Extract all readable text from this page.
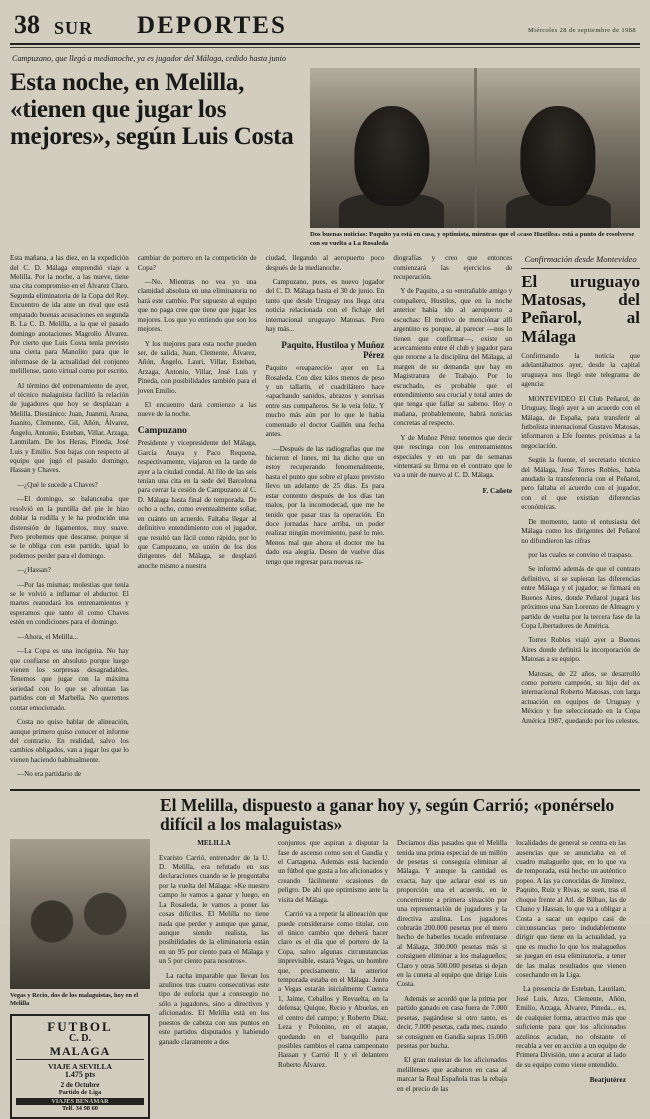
38 SUR DEPORTES	Miércoles 28 de septiembre de 1988
Campuzano, que llegó a medianoche, ya es jugador del Málaga, cedido hasta junio
Esta noche, en Melilla, «tienen que jugar los mejores», según Luis Costa
Dos buenas noticias: Paquito ya está en casa, y optimista, mientras que el «caso Hustilea» está a punto de resolverse con su vuelta a La Rosaleda

Esta mañana, a las diez, en la expedición del C. D. Málaga emprendió viaje a Melilla. Por la noche, a las nueve, tiene una cita compromiso en el Álvarez Claro. Segunda eliminatoria de la Copa del Rey. Encuentro de ida ante un rival que está empatado buenas acusaciones en segunda B. La C. D. Melilla, a la que el pasado domingo anotaciones Magrollo Álvarez. Por cierto que Luis Costa tenía previsto una cierta para Manolito para que le informase de la actualidad del conjunto melillense, tanto virtual como por escrito.

Al término del entrenamiento de ayer, el técnico malaguista facilitó la relación de jugadores que hoy se desplazan a Melilla. Diestánico: Juan, Juanmi, Arana, Juanito, Clemente, Gil, Añón, Álvarez, Ángelo, Antonio, Esteban, Villar, Arzaga, Lanmilam. De los Heras, Pineda, José Luis y Emilio. Son bajas con respecto al equipo que jugó el pasado domingo, Hassan y Chaves.

—¿Qué le sucede a Chaves?

—El domingo, se balanceaba que resolvió en la puntilla del pie le hizo doblar la rodilla y le ha producido una distensión de ligamentos, muy suave. Pero probemos que descanse, porque si se le obliga con este partido, igual lo podemos perder para el domingo.

—¿Hassan?

—Por las mismas; molestias que tenía se le volvió a inflamar el abductor. El martes reanudará los entrenamientos y esperamos que tanto él como Chaves estén en condiciones para el domingo.

—Ahora, el Melilla...

—La Copa es una incógnita. No hay que confiarse en absoluto porque luego vienen los sorpresas desagradables. Tenemos que jugar con la máxima seriedad con lo que se afrontan las partidos con el Marbella. No queremos contar emocionado.

Costa no quiso hablar de alineación, aunque primero quiso conocer el informe del contrario. En realidad, salvo los cambios obligados, van a jugar los que lo vienen haciendo habitualmente.

—No era partidario de

cambiar de portero en la competición de Copa?

—No. Mientras no vea yo una clamidad absoluta en una eliminatoria no hará este cambio. Por supuesto al equipo que no paga cree que tiene que jugar los mejores. Los que yo entiendo que son los mejores.

Y los mejores para esta noche pueden ser, de salida, Juan, Clemente, Álvarez, Añón, Ángelo, Lauri, Villar, Esteban, Arzaga, Antonio, Villar, José Luis y Pineda, con posibilidades también para el joven Emilio.

El encuentro dará comienzo a las nueve de la noche.

Campuzano

Presidente y vicepresidente del Málaga, García Anaya y Paco Requena, respectivamente, viajaron en la tarde de ayer a la ciudad condal. Al filo de las seis tenían una cita en la sede del Barcelona para cerrar la cesión de Campuzano al C. D. Málaga hasta final de temporada. De ocho a ocho, como eventualmente soñar, en cuánto un acuerdo. Faltaba llegar al definitivo entendimiento con el jugador, que resultó tan fácil como rápido, por lo que Campuzano, en unión de los dos dirigentes del Málaga, se desplazó anoche mismo a nuestra

ciudad, llegando al aeropuerto poco después de la medianoche.

Campuzano, pues, es nuevo jugador del C. D. Málaga hasta el 30 de junio. En tanto que desde Uruguay nos llega otra noticia relacionada con el fichaje del internacional uruguayo Matosas. Pero hay más...

Paquito, Hustiloa y Muñoz Pérez

Paquito «reapareció» ayer en La Rosaleda. Con diez kilos menos de peso y un tallarín, el cuadrilátero hace «apachando sanidos, abrazos y sonrisas entre sus compañeros. Se le veía feliz. Y mucho más aún por lo que le había comentado el doctor Gaillén una fecha antes.

—Después de las radiografías que me hicieron el lunes, mi ha dicho que un estoy recuperando fenomenalmente, hasta el punto que sobre el plazo previsto llevo un adelanto de 25 días. Es para estar contento después de los días tan malos, por la incomodecad, que me he tenido que pasar tras la operación. En doce jornadas hace arriba, un poder realizar ningún movimiento, pasé lo mío. Menos mal que ahora el doctor me ha dado esa alegría. Deseo de vuelve días tengo que regresar para nuevas ra-

diografías y creo que entonces comienzará las ejercicios de recuperación.

Y de Paquito, a su «entrañable amigo y compañero, Hustilos, que en la noche anterior había ido al aeropuerto a escuchas: El motivo de menciónar allí argentino es porque, al parecer —nos lo tienen que confirmar—, existe un acercamiento entre él club y jugador para que retorne a la disciplina del Málaga, al margen de su demanda que hay en Magistratura de Trabajo. Por lo escuchado, es probable que el entendimiento sea crucial y total antes de que tenga que fallar su sabeno. Hoy o mañana, probablemente, habrá noticias concretas al respecto.

Y de Muñoz Pérez tenemos que decir que rescinga con los entrenamientos especiales y en un par de semanas «intentará su firma en el contrato que le va a unir de nuevo al C. D. Málaga.

F. Cañete
Confirmación desde Montevideo
El uruguayo Matosas, del Peñarol, al Málaga

Confirmando la noticia que adelantábamos ayer, desde la capital uruguaya nos llegó este telegrama de agencia:

MONTEVIDEO El Club Peñarol, de Uruguay, llegó ayer a un acuerdo con el Málaga, de España, para transferir al futbolista internacional Gustavo Matosas, informaron a Efe fuentes próximas a la negociación.

Según la fuente, el secretario técnico del Málaga, José Torres Robles, había anudado la transferencia con el Peñarol, pero faltaba el acuerdo con el jugador, con el que existían diferencias económicas.

De momento, tanto el entusiasta del Málaga como los dirigentes del Peñarol no difundieron las cifras

por las cuales se convino el traspaso.

Se informó además de que el contrato definitivo, si se supieran las diferencias entre Málaga y el jugador, se firmará en Buenos Aires, donde Peñarol jugará los próximos una San Lorenzo de Almagro y partido de vuelta por la tercera fase de la Copa Libertadores de América.

Torres Robles viajó ayer a Buenos Aires donde definirá la incorporación de Matosas a su equipo.

Matosas, de 22 años, se desarrolló como portero campeón, su hijo del ex internacional Roberto Matosas, con larga actuación en equipos de Uruguay y México y fue seleccionado en la Copa América 1987, quedando por los celestes.

El Melilla, dispuesto a ganar hoy y, según Carrió; «ponérselo difícil a los malaguistas»
Vegas y Recio, dos de los malaguistas, hoy en el Melilla
FUTBOL
C. D.
MALAGA
VIAJE A SEVILLA
1.475 pts
2 de Octubre
Partido de Liga
VIAJES BENAMAR
Telf. 34 98 60

MELILLA

Evaristo Carrió, entrenador de la U. D. Melilla, era refutado en sus declaraciones cuando se le preguntaba por la vuelta del Málaga: «Ke nuestro campo lo vamos a ganar y luego, en La Rosaleda, le vamos a poner las cosas difíciles. El Melilla no tiene nada que perder y aunque que ganar, aunque siendo realista, las posibilidades de la eliminatoria están en un 95 por ciento para el Málaga y un 5 por ciento para nosotros».

La racha imparable que llevan los azulinos tras cuatro consecutivas este tipo de euforia que a consuegio no sólo a jugadores, sino a directivos y aficionados. El Melilla está en los puestos de cabeza con sus puntos en este partidos disputados y habiendo ganado claramente a dos

conjuntos que aspiran a disputar la fase de ascenso como son el Gandía y el Cartagena. Además está haciendo un fútbol que gusta a los aficionados y creando fácilmente ocasiones de peligro. De ahí que optimismo ante la visita del Málaga.

Carrió va a repetir la alineación que puede considerarse como titular, con el único cambio que deberá hacer claro es el día que el portero de la Copa, salvo algunas circunstancias imprevisible, estará Vegas, un hombre que, precisamente, la anterior temporada estaba en el Málaga. Junto a Vegas estarán inicialmente Cuenca 1, Jaime, Ceballos y Revuelta, en la defensa; Quique, Recio y Abuelas, en el centro del campo; y Roberto Díaz, Leza y Polonino, en el ataque, quedando en el banquillo para posibles cambios el cama campeonato Hassan y Carrió II y el delantero Roberto Álvarez.

Decíamos días pasados que el Melilla tenida una prima especial de un millón de pesetas si conseguía eliminar al Málaga. Y aunque la cantidad es exacta, hay que aclarar esté es un proporción una el acuerdo, en le concerniente a primera situación por una representación de jugadores y la directiva azulina. Los jugadores cobrarán 200.000 pesetas por el mero hecho de haberles tocado enfrentarse al Málaga, 300.000 pesetas más si consiguen eliminar a los malagueños; Claro y otras 500.000 pesetas si dejan en la cuneta al equipo que dirige Luis Costa.

Además se acordó que la prima por partido ganado en casa fuera de 7.000 pesetas, pagándose si otro tanto, es decir, 7.000 pesetas, cada mes, cuando se consiguen en Gandía supras 15.000 pesetas por bucha.

El gran malestar de los aficionados melillenses que acabaron en casa al marcar la Real Española tras la rebaja en el precio de las

localidades de general se centra en las ausencias que se anunciaba en el cuadro malagueño que, en lo que va de temporada, está hecho un auténtico popeo. A las ya conocidas de Jiménez, Paquito, Ruiz y Rivas, se suen, tras el choque frente al Atl. de Bilbao, las de Chano y Hassan, lo que va a obligar a Costa a sacar un equipo casi de circunstancias pero indudablemente dirigir que tiene en la actualidad, ya que es mucho lo que los malagueños se juegan en esta eliminatoria, a tener de las malas resultados que vienen cosechando en la Liga.

La presencia de Esteban, Laurilam, José Luis, Arzo, Clemente, Añón, Emilio, Arzaga, Álvarez, Pineda... es, de cualquier forma, atractivo más que suficiente para que los aficionados azulinos acudan, no obstante el recabla a ver en acción a un equipo de Primera División, uno a acurar al lado de su equipo como viene entendido.

Beatjutérez
